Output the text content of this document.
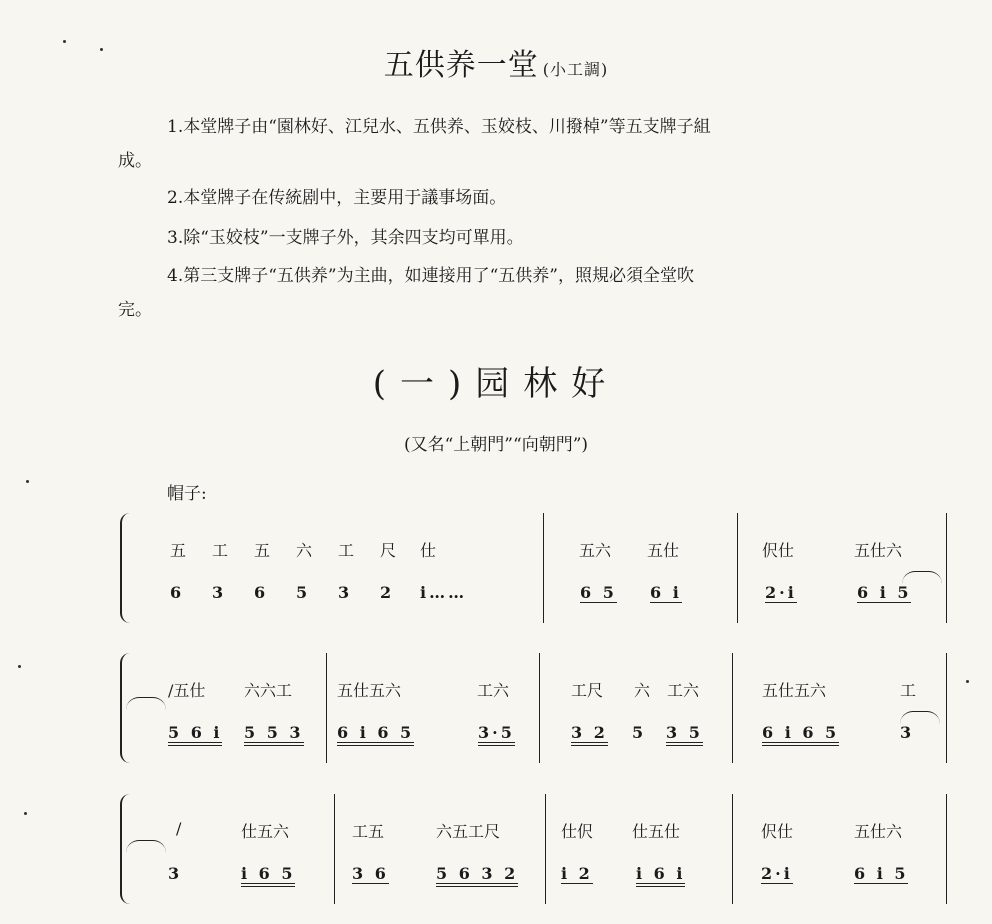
五供养一堂 (小工調)
1.本堂牌子由“園林好、江兒水、五供养、玉姣枝、川撥棹”等五支牌子組
成。
2.本堂牌子在传統剧中，主要用于議事场面。
3.除“玉姣枝”一支牌子外，其余四支均可單用。
4.第三支牌子“五供养”为主曲，如連接用了“五供养”，照規必須全堂吹
完。
(一)园林好
(又名“上朝門”“向朝門”)
帽子:
五 工 五 六 工 尺 仕	五六 五仕	伬仕	五仕六
6 3 6 5 3 2 i……	6 5 6 i	2·i	6 i 5
/五仕 六六工	五仕五六	工六	工尺 六 工六	五仕五六	工
5 6 i 5 5 3 6 i 6 5	3·5	3 2 5 3 5	6 i 6 5	3
/	仕五六	工五	六五工尺	仕伬 仕五仕	伬仕	五仕六
3	i 6 5	3 6	5 6 3 2	i 2	i 6 i	2·i	6 i 5
